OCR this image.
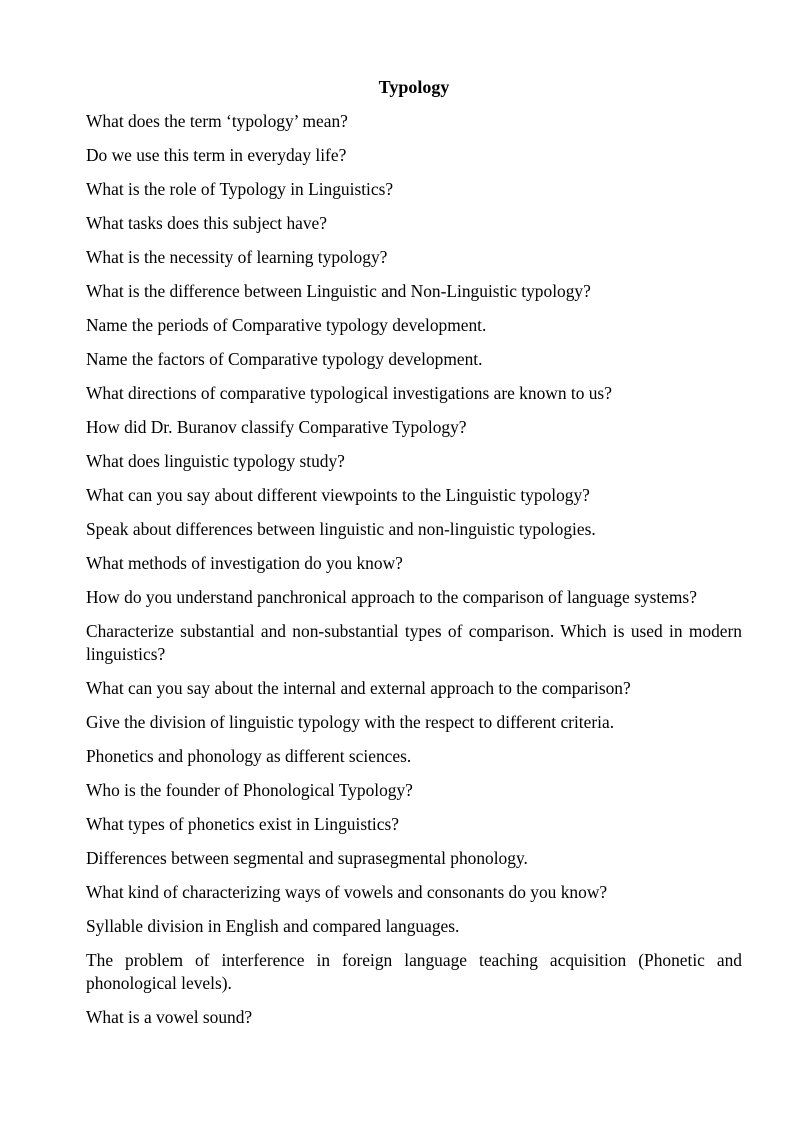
Typology

What does the term ‘typology’ mean?

Do we use this term in everyday life?

What is the role of Typology in Linguistics?

What tasks does this subject have?

What is the necessity of learning typology?

What is the difference between Linguistic and Non-Linguistic typology?

Name the periods of Comparative typology development.

Name the factors of Comparative typology development.

What directions of comparative typological investigations are known to us?

How did Dr. Buranov classify Comparative Typology?

What does linguistic typology study?

What can you say about different viewpoints to the Linguistic typology?

Speak about differences between linguistic and non-linguistic typologies.

What methods of investigation do you know?

How do you understand panchronical approach to the comparison of language systems?

Characterize substantial and non-substantial types of comparison. Which is used in modern linguistics?

What can you say about the internal and external approach to the comparison?

Give the division of linguistic typology with the respect to different criteria.

Phonetics and phonology as different sciences.

Who is the founder of Phonological Typology?

What types of phonetics exist in Linguistics?

Differences between segmental and suprasegmental phonology.

What kind of characterizing ways of vowels and consonants do you know?

Syllable division in English and compared languages.

The problem of interference in foreign language teaching acquisition (Phonetic and phonological levels).

What is a vowel sound?
